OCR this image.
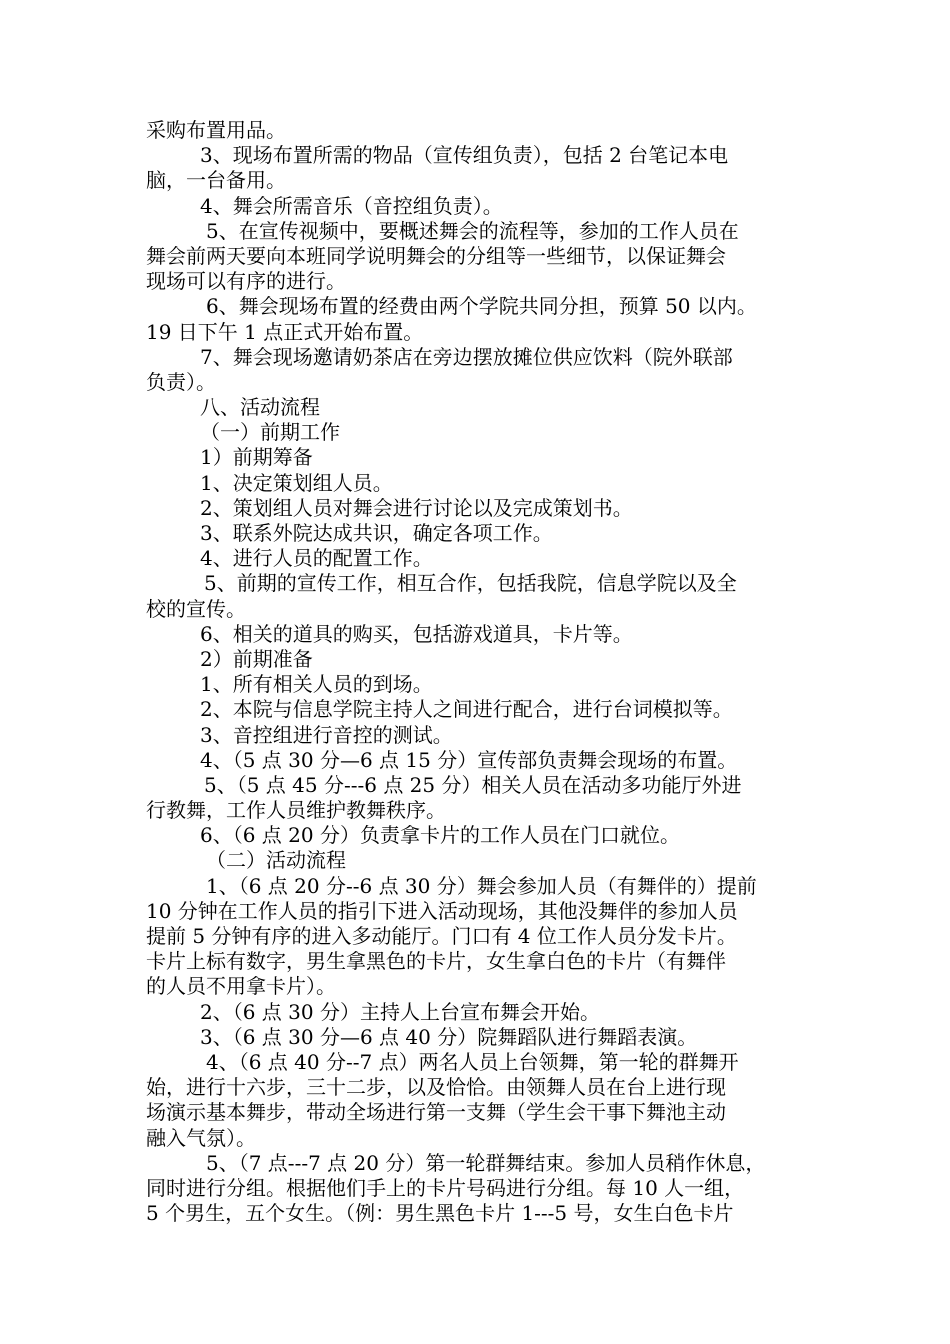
采购布置用品。
3、现场布置所需的物品（宣传组负责），包括 2 台笔记本电
脑，一台备用。
4、舞会所需音乐（音控组负责）。
5、在宣传视频中，要概述舞会的流程等，参加的工作人员在
舞会前两天要向本班同学说明舞会的分组等一些细节，以保证舞会
现场可以有序的进行。
6、舞会现场布置的经费由两个学院共同分担，预算 50 以内。
19 日下午 1 点正式开始布置。
7、舞会现场邀请奶茶店在旁边摆放摊位供应饮料（院外联部
负责）。
八、活动流程
（一）前期工作
1）前期筹备
1、决定策划组人员。
2、策划组人员对舞会进行讨论以及完成策划书。
3、联系外院达成共识，确定各项工作。
4、进行人员的配置工作。
5、前期的宣传工作，相互合作，包括我院，信息学院以及全
校的宣传。
6、相关的道具的购买，包括游戏道具，卡片等。
2）前期准备
1、所有相关人员的到场。
2、本院与信息学院主持人之间进行配合，进行台词模拟等。
3、音控组进行音控的测试。
4、（5 点 30 分—6 点 15 分）宣传部负责舞会现场的布置。
5、（5 点 45 分---6 点 25 分）相关人员在活动多功能厅外进
行教舞，工作人员维护教舞秩序。
6、（6 点 20 分）负责拿卡片的工作人员在门口就位。
（二）活动流程
1、（6 点 20 分--6 点 30 分）舞会参加人员（有舞伴的）提前
10 分钟在工作人员的指引下进入活动现场，其他没舞伴的参加人员
提前 5 分钟有序的进入多动能厅。门口有 4 位工作人员分发卡片。
卡片上标有数字，男生拿黑色的卡片，女生拿白色的卡片（有舞伴
的人员不用拿卡片）。
2、（6 点 30 分）主持人上台宣布舞会开始。
3、（6 点 30 分—6 点 40 分）院舞蹈队进行舞蹈表演。
4、（6 点 40 分--7 点）两名人员上台领舞，第一轮的群舞开
始，进行十六步，三十二步，以及恰恰。由领舞人员在台上进行现
场演示基本舞步，带动全场进行第一支舞（学生会干事下舞池主动
融入气氛）。
5、（7 点---7 点 20 分）第一轮群舞结束。参加人员稍作休息，
同时进行分组。根据他们手上的卡片号码进行分组。每 10 人一组，
5 个男生，五个女生。（例：男生黑色卡片 1---5 号，女生白色卡片
